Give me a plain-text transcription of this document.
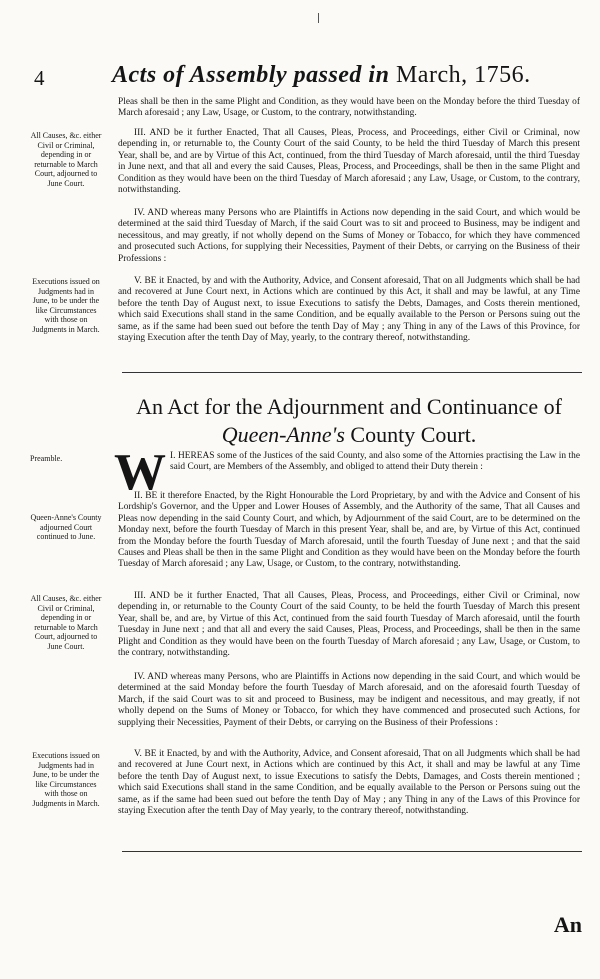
4	Acts of Assembly passed in March, 1756.

Pleas shall be then in the same Plight and Condition, as they would have been on the Monday before the third Tuesday of March aforesaid ; any Law, Usage, or Custom, to the contrary, notwithstanding.

All Causes, &c. either Civil or Criminal, depending in or returnable to March Court, adjourned to June Court.

III. AND be it further Enacted, That all Causes, Pleas, Process, and Proceedings, either Civil or Criminal, now depending in, or returnable to, the County Court of the said County, to be held the third Tuesday of March this present Year, shall be, and are by Virtue of this Act, continued, from the third Tuesday of March aforesaid, until the third Tuesday in June next, and that all and every the said Causes, Pleas, Process, and Proceedings, shall be then in the same Plight and Condition as they would have been on the third Tuesday of March aforesaid ; any Law, Usage, or Custom, to the contrary, notwithstanding.

IV. AND whereas many Persons who are Plaintiffs in Actions now depending in the said Court, and which would be determined at the said third Tuesday of March, if the said Court was to sit and proceed to Business, may be indigent and necessitous, and may greatly, if not wholly depend on the Sums of Money or Tobacco, for which they have commenced and prosecuted such Actions, for supplying their Necessities, Payment of their Debts, or carrying on the Business of their Professions :

Executions issued on Judgments had in June, to be under the like Circumstances with those on Judgments in March.

V. BE it Enacted, by and with the Authority, Advice, and Consent aforesaid, That on all Judgments which shall be had and recovered at June Court next, in Actions which are continued by this Act, it shall and may be lawful, at any Time before the tenth Day of August next, to issue Executions to satisfy the Debts, Damages, and Costs therein mentioned, which said Executions shall stand in the same Condition, and be equally available to the Person or Persons suing out the same, as if the same had been sued out before the tenth Day of May ; any Thing in any of the Laws of this Province, for staying Execution after the tenth Day of May, yearly, to the contrary thereof, notwithstanding.

An Act for the Adjournment and Continuance of
Queen-Anne's County Court.
Preamble.	I.
W HEREAS some of the Justices of the said County, and also some of the Attornies practising the Law in the said Court, are Members of the Assembly, and obliged to attend their Duty therein :

Queen-Anne's County adjourned Court continued to June.

II. BE it therefore Enacted, by the Right Honourable the Lord Proprietary, by and with the Advice and Consent of his Lordship's Governor, and the Upper and Lower Houses of Assembly, and the Authority of the same, That all Causes and Pleas now depending in the said County Court, and which, by Adjournment of the said Court, are to be determined on the Monday next, before the fourth Tuesday of March in this present Year, shall be, and are, by Virtue of this Act, continued from the Monday before the fourth Tuesday of March aforesaid, until the fourth Tuesday of June next ; and that the said Causes and Pleas shall be then in the same Plight and Condition as they would have been on the Monday before the fourth Tuesday of March aforesaid ; any Law, Usage, or Custom, to the contrary, notwithstanding.

All Causes, &c. either Civil or Criminal, depending in or returnable to March Court, adjourned to June Court.

III. AND be it further Enacted, That all Causes, Pleas, Process, and Proceedings, either Civil or Criminal, now depending in, or returnable to the County Court of the said County, to be held the fourth Tuesday of March this present Year, shall be, and are, by Virtue of this Act, continued from the said fourth Tuesday of March aforesaid, until the fourth Tuesday in June next ; and that all and every the said Causes, Pleas, Process, and Proceedings, shall be then in the same Plight and Condition as they would have been on the fourth Tuesday of March aforesaid ; any Law, Usage, or Custom, to the contrary, notwithstanding.

IV. AND whereas many Persons, who are Plaintiffs in Actions now depending in the said Court, and which would be determined at the said Monday before the fourth Tuesday of March aforesaid, and on the aforesaid fourth Tuesday of March, if the said Court was to sit and proceed to Business, may be indigent and necessitous, and may greatly, if not wholly depend on the Sums of Money or Tobacco, for which they have commenced and prosecuted such Actions, for supplying their Necessities, Payment of their Debts, or carrying on the Business of their Professions :

Executions issued on Judgments had in June, to be under the like Circumstances with those on Judgments in March.

V. BE it Enacted, by and with the Authority, Advice, and Consent aforesaid, That on all Judgments which shall be had and recovered at June Court next, in Actions which are continued by this Act, it shall and may be lawful at any Time before the tenth Day of August next, to issue Executions to satisfy the Debts, Damages, and Costs therein mentioned ; which said Executions shall stand in the same Condition, and be equally available to the Person or Persons suing out the same, as if the same had been sued out before the tenth Day of May ; any Thing in any of the Laws of this Province for staying Execution after the tenth Day of May yearly, to the contrary thereof, notwithstanding.

An
